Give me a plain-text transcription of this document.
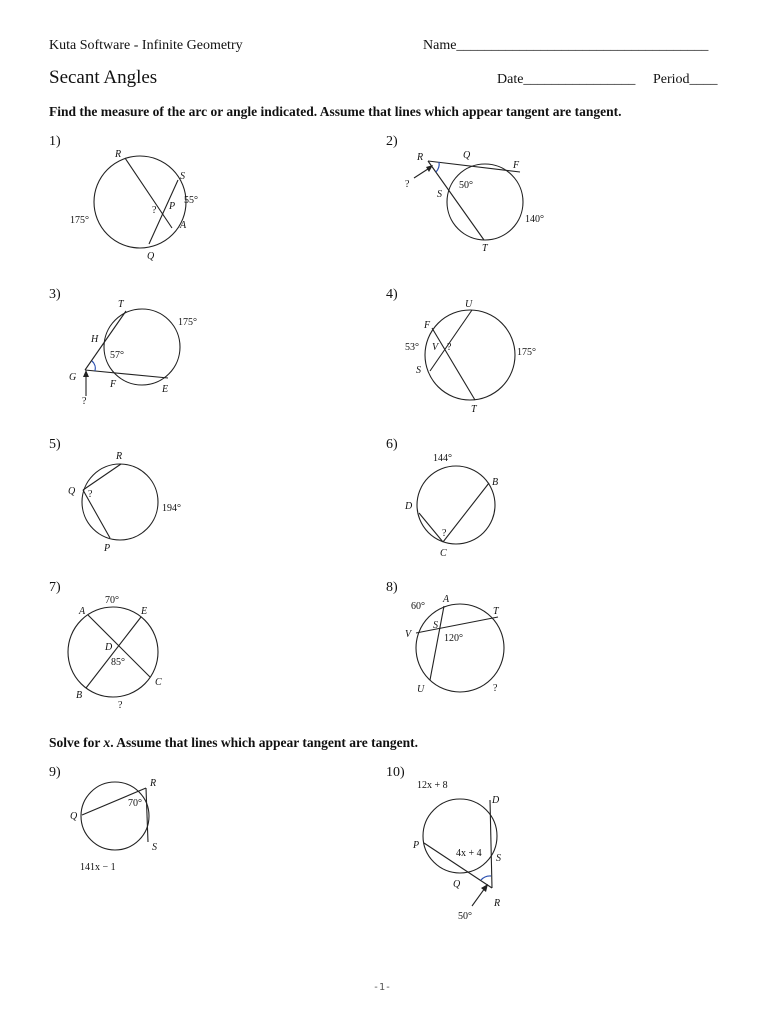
Kuta Software - Infinite Geometry	Name____________________________________
Secant Angles	Date________________ Period____
Find the measure of the arc or angle indicated. Assume that lines which appear tangent are tangent.
1)	2)
3)	4)
5)	6)
7)	8)
Solve for x. Assume that lines which appear tangent are tangent.
9)	10)
R
S
55°
? P
A
175°
Q
R	Q
F
?	50°
S
140°
T
T
175°
H
57°
G
F	E
?
U
F
53° V ?	175°
S
T
R
Q ?
194°
P
144°
B
D
?
C
70°
A	E
D
85°
C
B
?
60°
A
T
S
V	120°
U	?
R
70°
Q
S
141x − 1
12x + 8
D
P
4x + 4 S
Q
R
50°
-1-
